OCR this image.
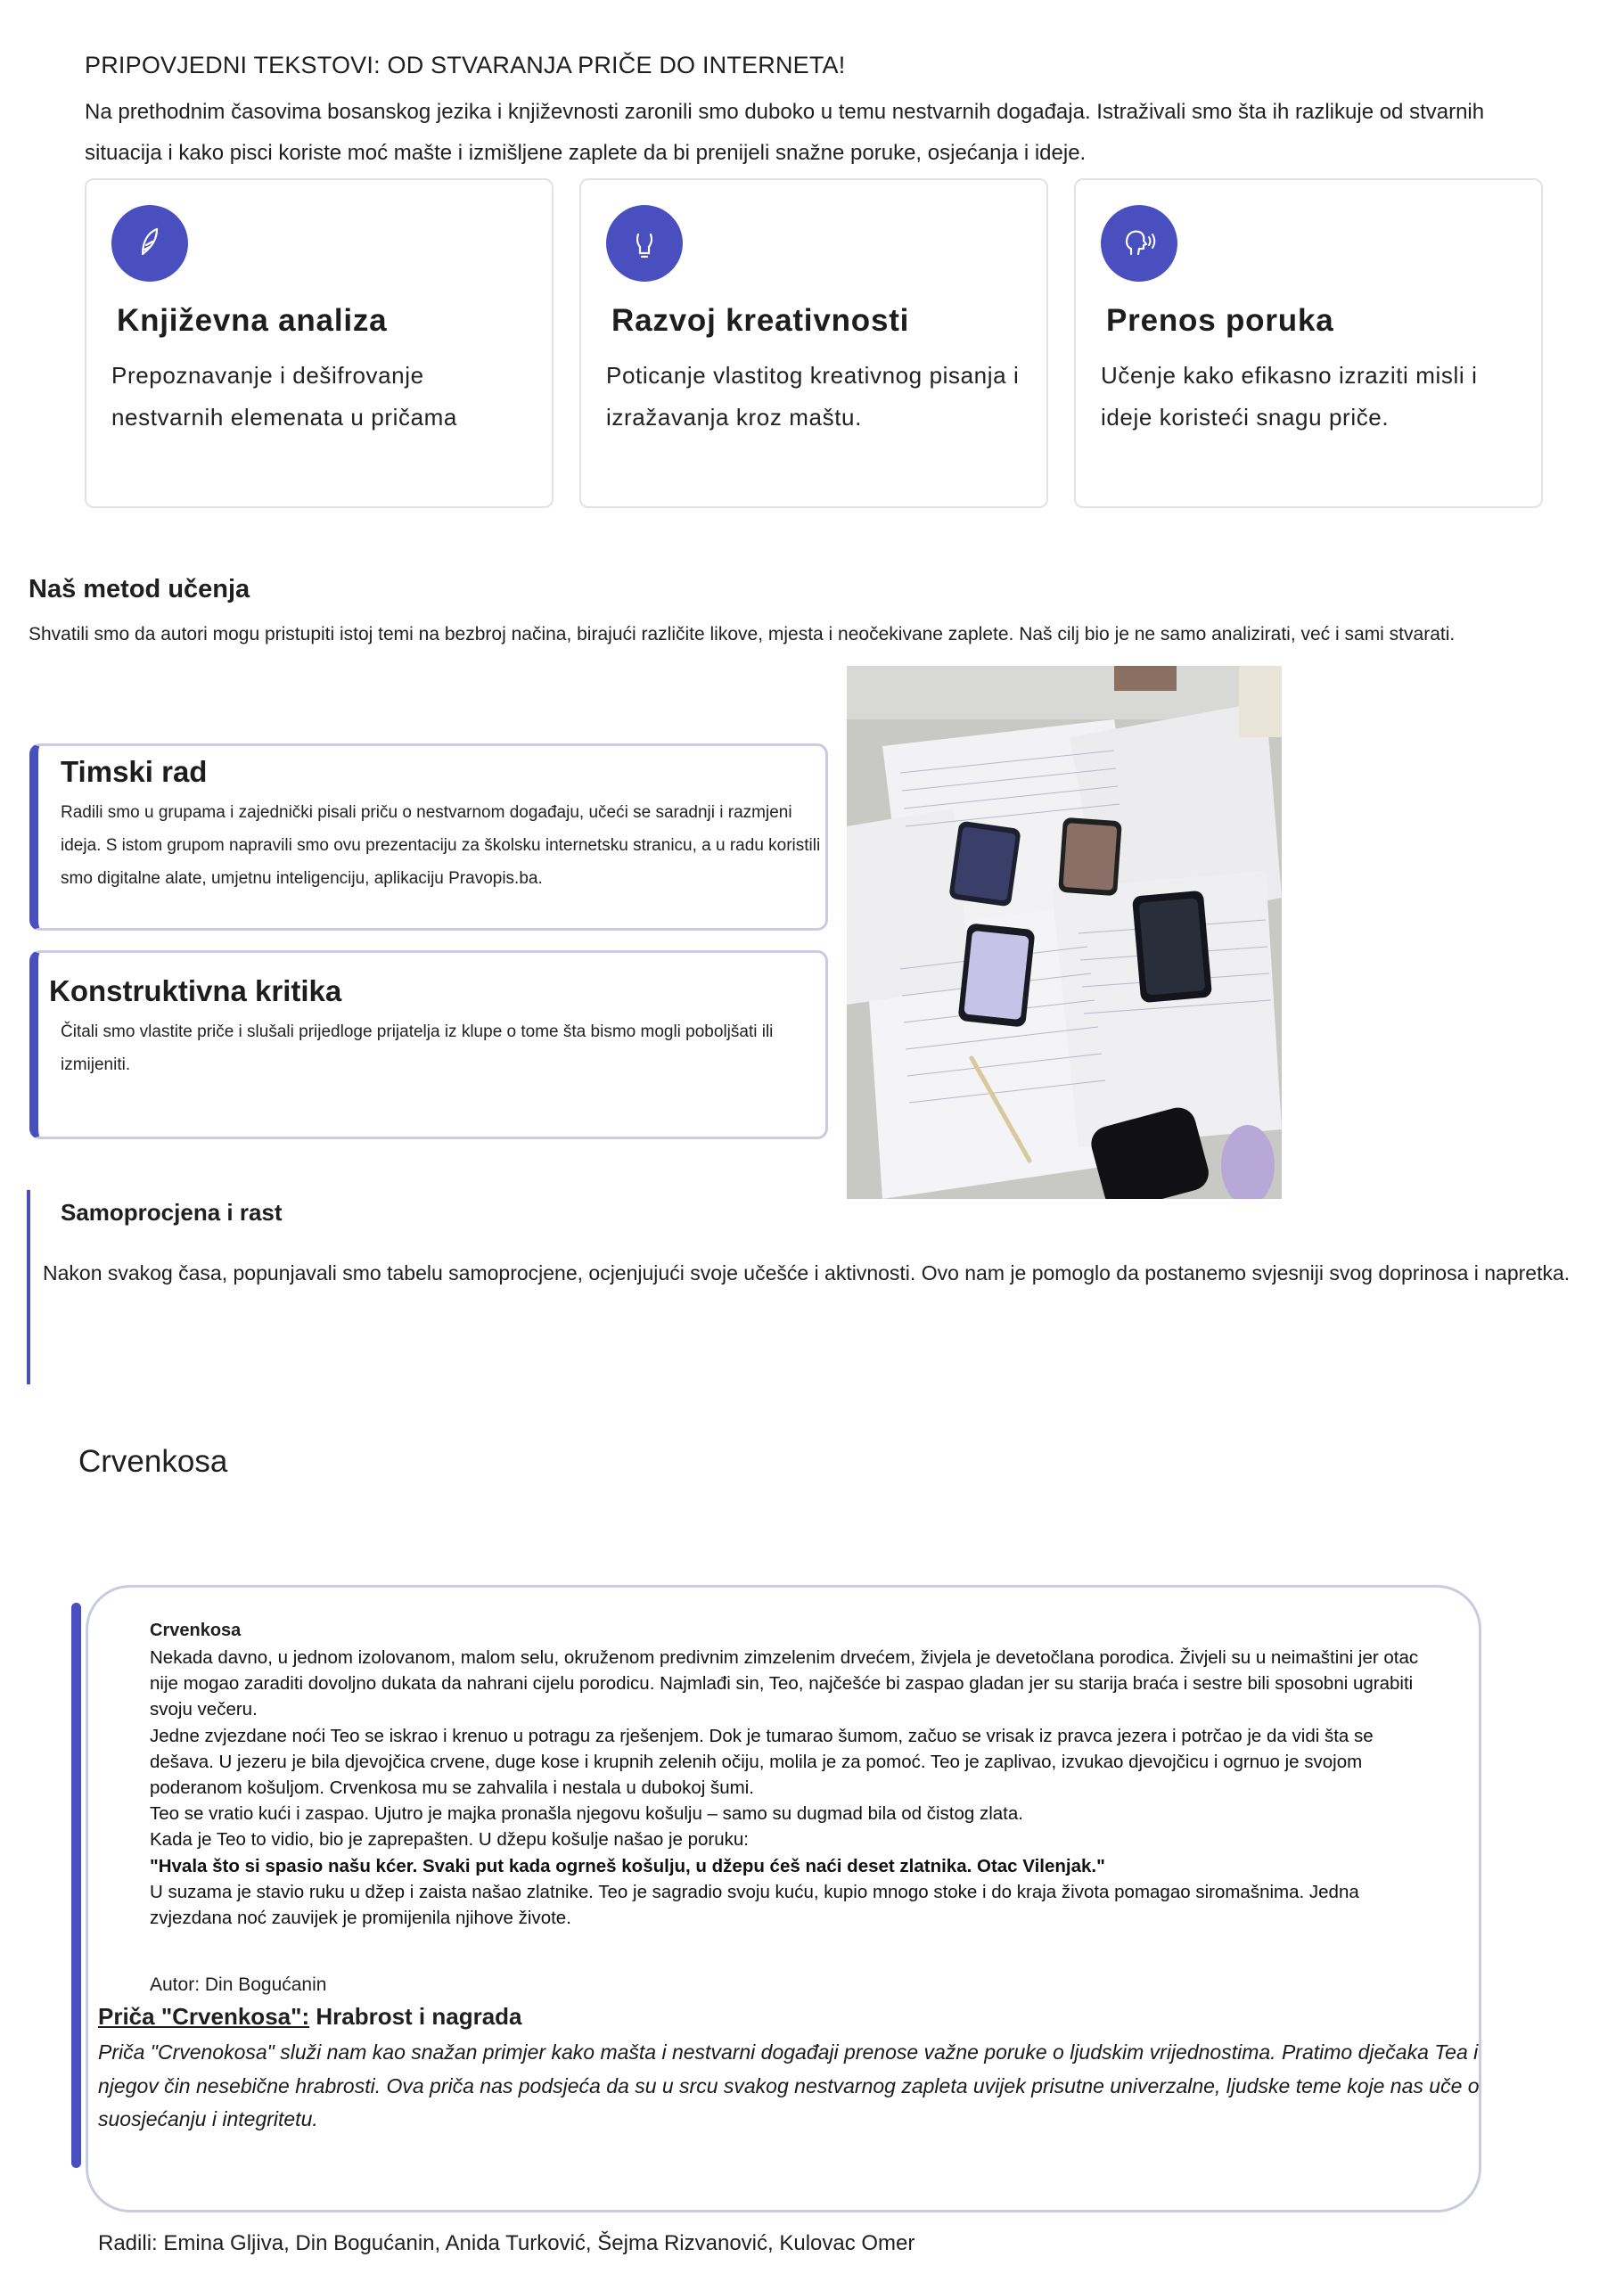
PRIPOVJEDNI TEKSTOVI: OD STVARANJA PRIČE DO INTERNETA!
Na prethodnim časovima bosanskog jezika i književnosti zaronili smo duboko u temu nestvarnih događaja. Istraživali smo šta ih razlikuje od stvarnih situacija i kako pisci koriste moć mašte i izmišljene zaplete da bi prenijeli snažne poruke, osjećanja i ideje.
Književna analiza
Prepoznavanje i dešifrovanje nestvarnih elemenata u pričama
Razvoj kreativnosti
Poticanje vlastitog kreativnog pisanja i izražavanja kroz maštu.
Prenos poruka
Učenje kako efikasno izraziti misli i ideje koristeći snagu priče.
Naš metod učenja
Shvatili smo da autori mogu pristupiti istoj temi na bezbroj načina, birajući različite likove, mjesta i neočekivane zaplete. Naš cilj bio je ne samo analizirati, već i sami stvarati.
Timski rad
Radili smo u grupama i zajednički pisali priču o nestvarnom događaju, učeći se saradnji i razmjeni ideja. S istom grupom napravili smo ovu prezentaciju za školsku internetsku stranicu, a u radu koristili smo digitalne alate, umjetnu inteligenciju, aplikaciju Pravopis.ba.
Konstruktivna kritika
Čitali smo vlastite priče i slušali prijedloge prijatelja iz klupe o tome šta bismo mogli poboljšati ili izmijeniti.
Samoprocjena i rast
Nakon svakog časa, popunjavali smo tabelu samoprocjene, ocjenjujući svoje učešće i aktivnosti. Ovo nam je pomoglo da postanemo svjesniji svog doprinosa i napretka.
Crvenkosa
Crvenkosa

Nekada davno, u jednom izolovanom, malom selu, okruženom predivnim zimzelenim drvećem, živjela je devetočlana porodica. Živjeli su u neimaštini jer otac nije mogao zaraditi dovoljno dukata da nahrani cijelu porodicu. Najmlađi sin, Teo, najčešće bi zaspao gladan jer su starija braća i sestre bili sposobni ugrabiti svoju večeru.

Jedne zvjezdane noći Teo se iskrao i krenuo u potragu za rješenjem. Dok je tumarao šumom, začuo se vrisak iz pravca jezera i potrčao je da vidi šta se dešava. U jezeru je bila djevojčica crvene, duge kose i krupnih zelenih očiju, molila je za pomoć. Teo je zaplivao, izvukao djevojčicu i ogrnuo je svojom poderanom košuljom. Crvenkosa mu se zahvalila i nestala u dubokoj šumi.

Teo se vratio kući i zaspao. Ujutro je majka pronašla njegovu košulju – samo su dugmad bila od čistog zlata.

Kada je Teo to vidio, bio je zaprepašten. U džepu košulje našao je poruku:

"Hvala što si spasio našu kćer. Svaki put kada ogrneš košulju, u džepu ćeš naći deset zlatnika. Otac Vilenjak."

U suzama je stavio ruku u džep i zaista našao zlatnike. Teo je sagradio svoju kuću, kupio mnogo stoke i do kraja života pomagao siromašnima. Jedna zvjezdana noć zauvijek je promijenila njihove živote.

Autor: Din Bogućanin
Priča "Crvenkosa": Hrabrost i nagrada
Priča "Crvenokosa" služi nam kao snažan primjer kako mašta i nestvarni događaji prenose važne poruke o ljudskim vrijednostima. Pratimo dječaka Tea i njegov čin nesebične hrabrosti. Ova priča nas podsjeća da su u srcu svakog nestvarnog zapleta uvijek prisutne univerzalne, ljudske teme koje nas uče o suosjećanju i integritetu.
Radili: Emina Gljiva, Din Bogućanin, Anida Turković, Šejma Rizvanović, Kulovac Omer
